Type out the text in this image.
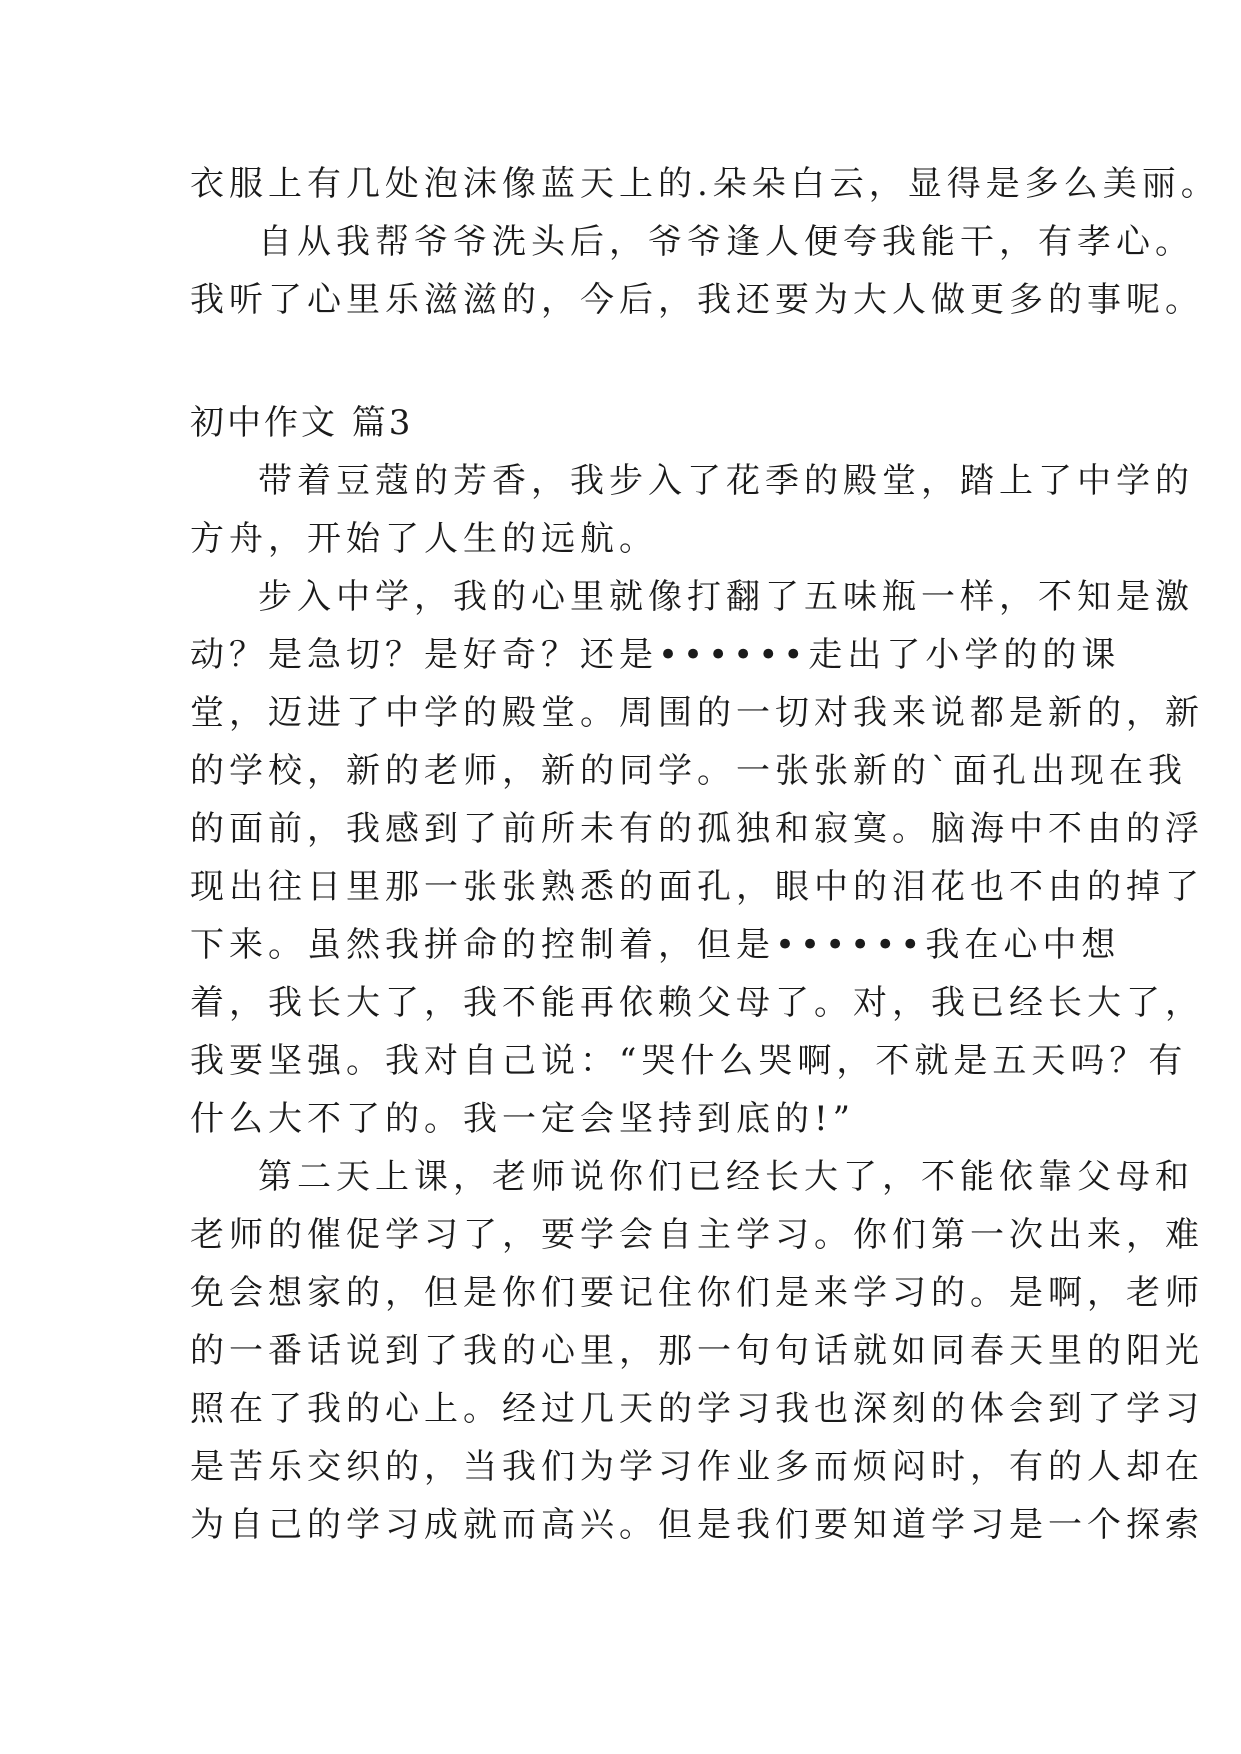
衣服上有几处泡沫像蓝天上的.朵朵白云，显得是多么美丽。
自从我帮爷爷洗头后，爷爷逢人便夸我能干，有孝心。
我听了心里乐滋滋的，今后，我还要为大人做更多的事呢。
初中作文 篇3
带着豆蔻的芳香，我步入了花季的殿堂，踏上了中学的
方舟，开始了人生的远航。
步入中学，我的心里就像打翻了五味瓶一样，不知是激
动？是急切？是好奇？还是••••••走出了小学的的课
堂，迈进了中学的殿堂。周围的一切对我来说都是新的，新
的学校，新的老师，新的同学。一张张新的`面孔出现在我
的面前，我感到了前所未有的孤独和寂寞。脑海中不由的浮
现出往日里那一张张熟悉的面孔，眼中的泪花也不由的掉了
下来。虽然我拼命的控制着，但是••••••我在心中想
着，我长大了，我不能再依赖父母了。对，我已经长大了，
我要坚强。我对自己说：“哭什么哭啊，不就是五天吗？有
什么大不了的。我一定会坚持到底的!”
第二天上课，老师说你们已经长大了，不能依靠父母和
老师的催促学习了，要学会自主学习。你们第一次出来，难
免会想家的，但是你们要记住你们是来学习的。是啊，老师
的一番话说到了我的心里，那一句句话就如同春天里的阳光
照在了我的心上。经过几天的学习我也深刻的体会到了学习
是苦乐交织的，当我们为学习作业多而烦闷时，有的人却在
为自己的学习成就而高兴。但是我们要知道学习是一个探索
